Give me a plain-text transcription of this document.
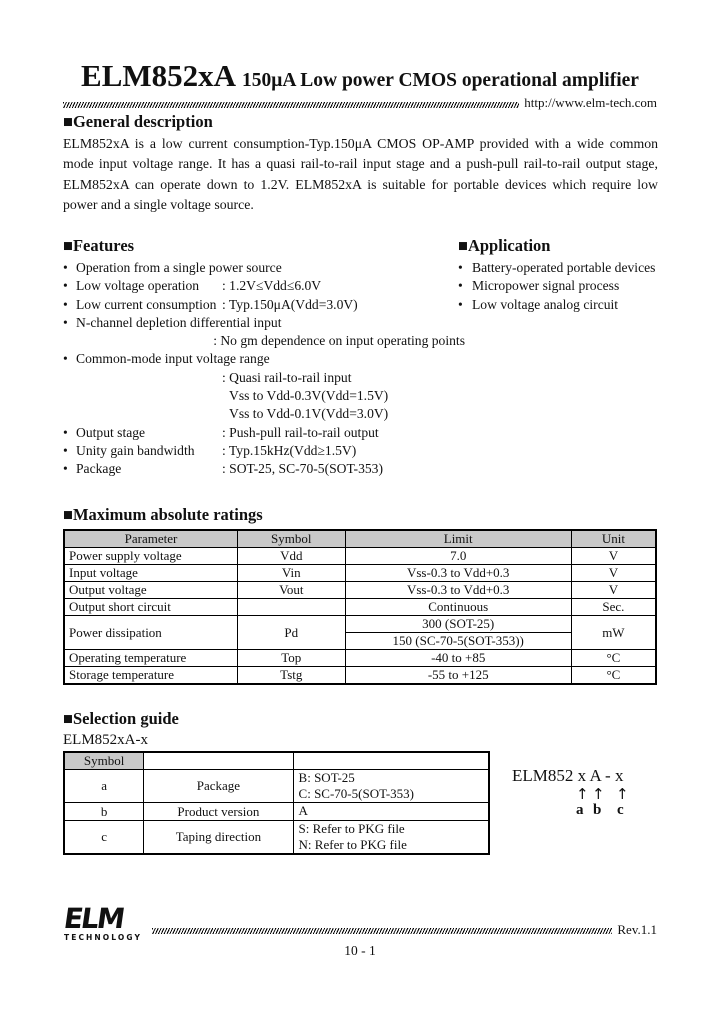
ELM852xA 150μA Low power CMOS operational amplifier
http://www.elm-tech.com
■General description

ELM852xA is a low current consumption-Typ.150μA CMOS OP-AMP provided with a wide common mode input voltage range. It has a quasi rail-to-rail input stage and a push-pull rail-to-rail output stage, ELM852xA can operate down to 1.2V. ELM852xA is suitable for portable devices which require low power and a single voltage source.

■Features
• Operation from a single power source
• Low voltage operation	: 1.2V≤Vdd≤6.0V
• Low current consumption : Typ.150μA(Vdd=3.0V)
• N-channel depletion differential input
: No gm dependence on input operating points
• Common-mode input voltage range
: Quasi rail-to-rail input
Vss to Vdd-0.3V(Vdd=1.5V)
Vss to Vdd-0.1V(Vdd=3.0V)
• Output stage	: Push-pull rail-to-rail output
• Unity gain bandwidth	: Typ.15kHz(Vdd≥1.5V)
• Package	: SOT-25, SC-70-5(SOT-353)
■Application
• Battery-operated portable devices
• Micropower signal process
• Low voltage analog circuit
■Maximum absolute ratings
Parameter	Symbol	Limit	Unit
Power supply voltage	Vdd	7.0	V
Input voltage	Vin	Vss-0.3 to Vdd+0.3	V
Output voltage	Vout	Vss-0.3 to Vdd+0.3	V
Output short circuit		Continuous	Sec.
Power dissipation	Pd	300 (SOT-25)	mW
		150 (SC-70-5(SOT-353))	
Operating temperature	Top	-40 to +85	°C
Storage temperature	Tstg	-55 to +125	°C
■Selection guide
ELM852xA-x
Symbol		
a	Package	B: SOT-25
C: SC-70-5(SOT-353)

b	Product version	A

c	Taping direction	S: Refer to PKG file
N: Refer to PKG file
ELM852 x A - x
↑ ↑ ↑
a b c
ELM
TECHNOLOGY
Rev.1.1
10 - 1
